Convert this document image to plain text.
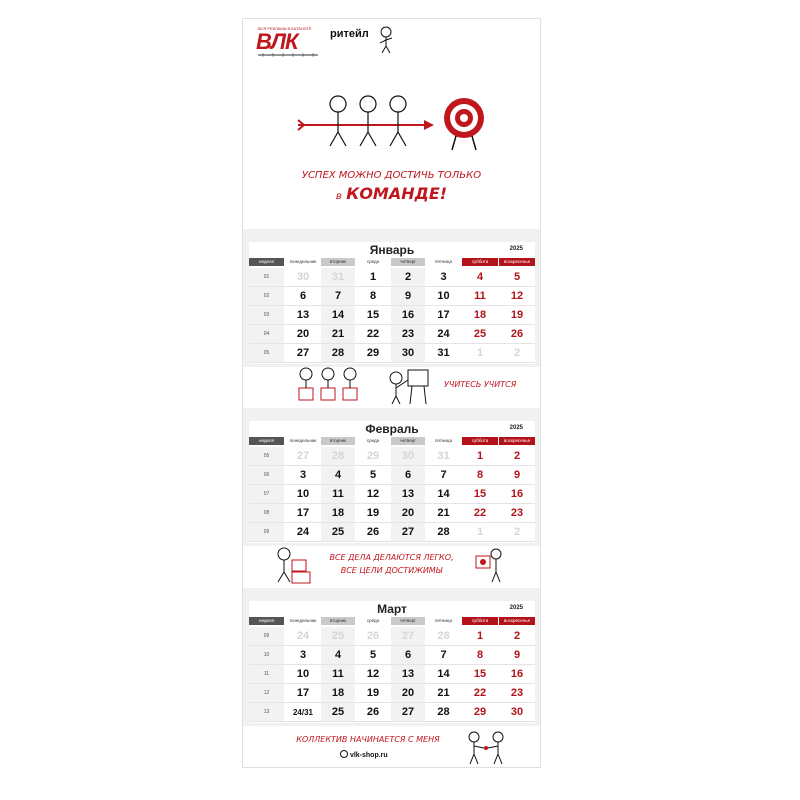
ВСЯ РЕКЛАМА В КАТАЛОГЕ
ВЛК	ритейл
УСПЕХ МОЖНО ДОСТИЧЬ ТОЛЬКО
в КОМАНДЕ!
Январь	2025
неделя	понедельник	вторник	среда	четверг	пятница	суббота	воскресенье
01	30	31	1	2	3	4	5
02	6	7	8	9	10	11	12
03	13	14	15	16	17	18	19
04	20	21	22	23	24	25	26
05	27	28	29	30	31	1	2
Февраль	2025
неделя	понедельник	вторник	среда	четверг	пятница	суббота	воскресенье
05	27	28	29	30	31	1	2
06	3	4	5	6	7	8	9
07	10	11	12	13	14	15	16
08	17	18	19	20	21	22	23
09	24	25	26	27	28	1	2
Март	2025
неделя	понедельник	вторник	среда	четверг	пятница	суббота	воскресенье
09	24	25	26	27	28	1	2
10	3	4	5	6	7	8	9
11	10	11	12	13	14	15	16
12	17	18	19	20	21	22	23
13	24/31	25	26	27	28	29	30
УЧИТЕСЬ УЧИТСЯ
ВСЕ ДЕЛА ДЕЛАЮТСЯ ЛЕГКО,
ВСЕ ЦЕЛИ ДОСТИЖИМЫ
КОЛЛЕКТИВ НАЧИНАЕТСЯ С МЕНЯ
vlk-shop.ru
